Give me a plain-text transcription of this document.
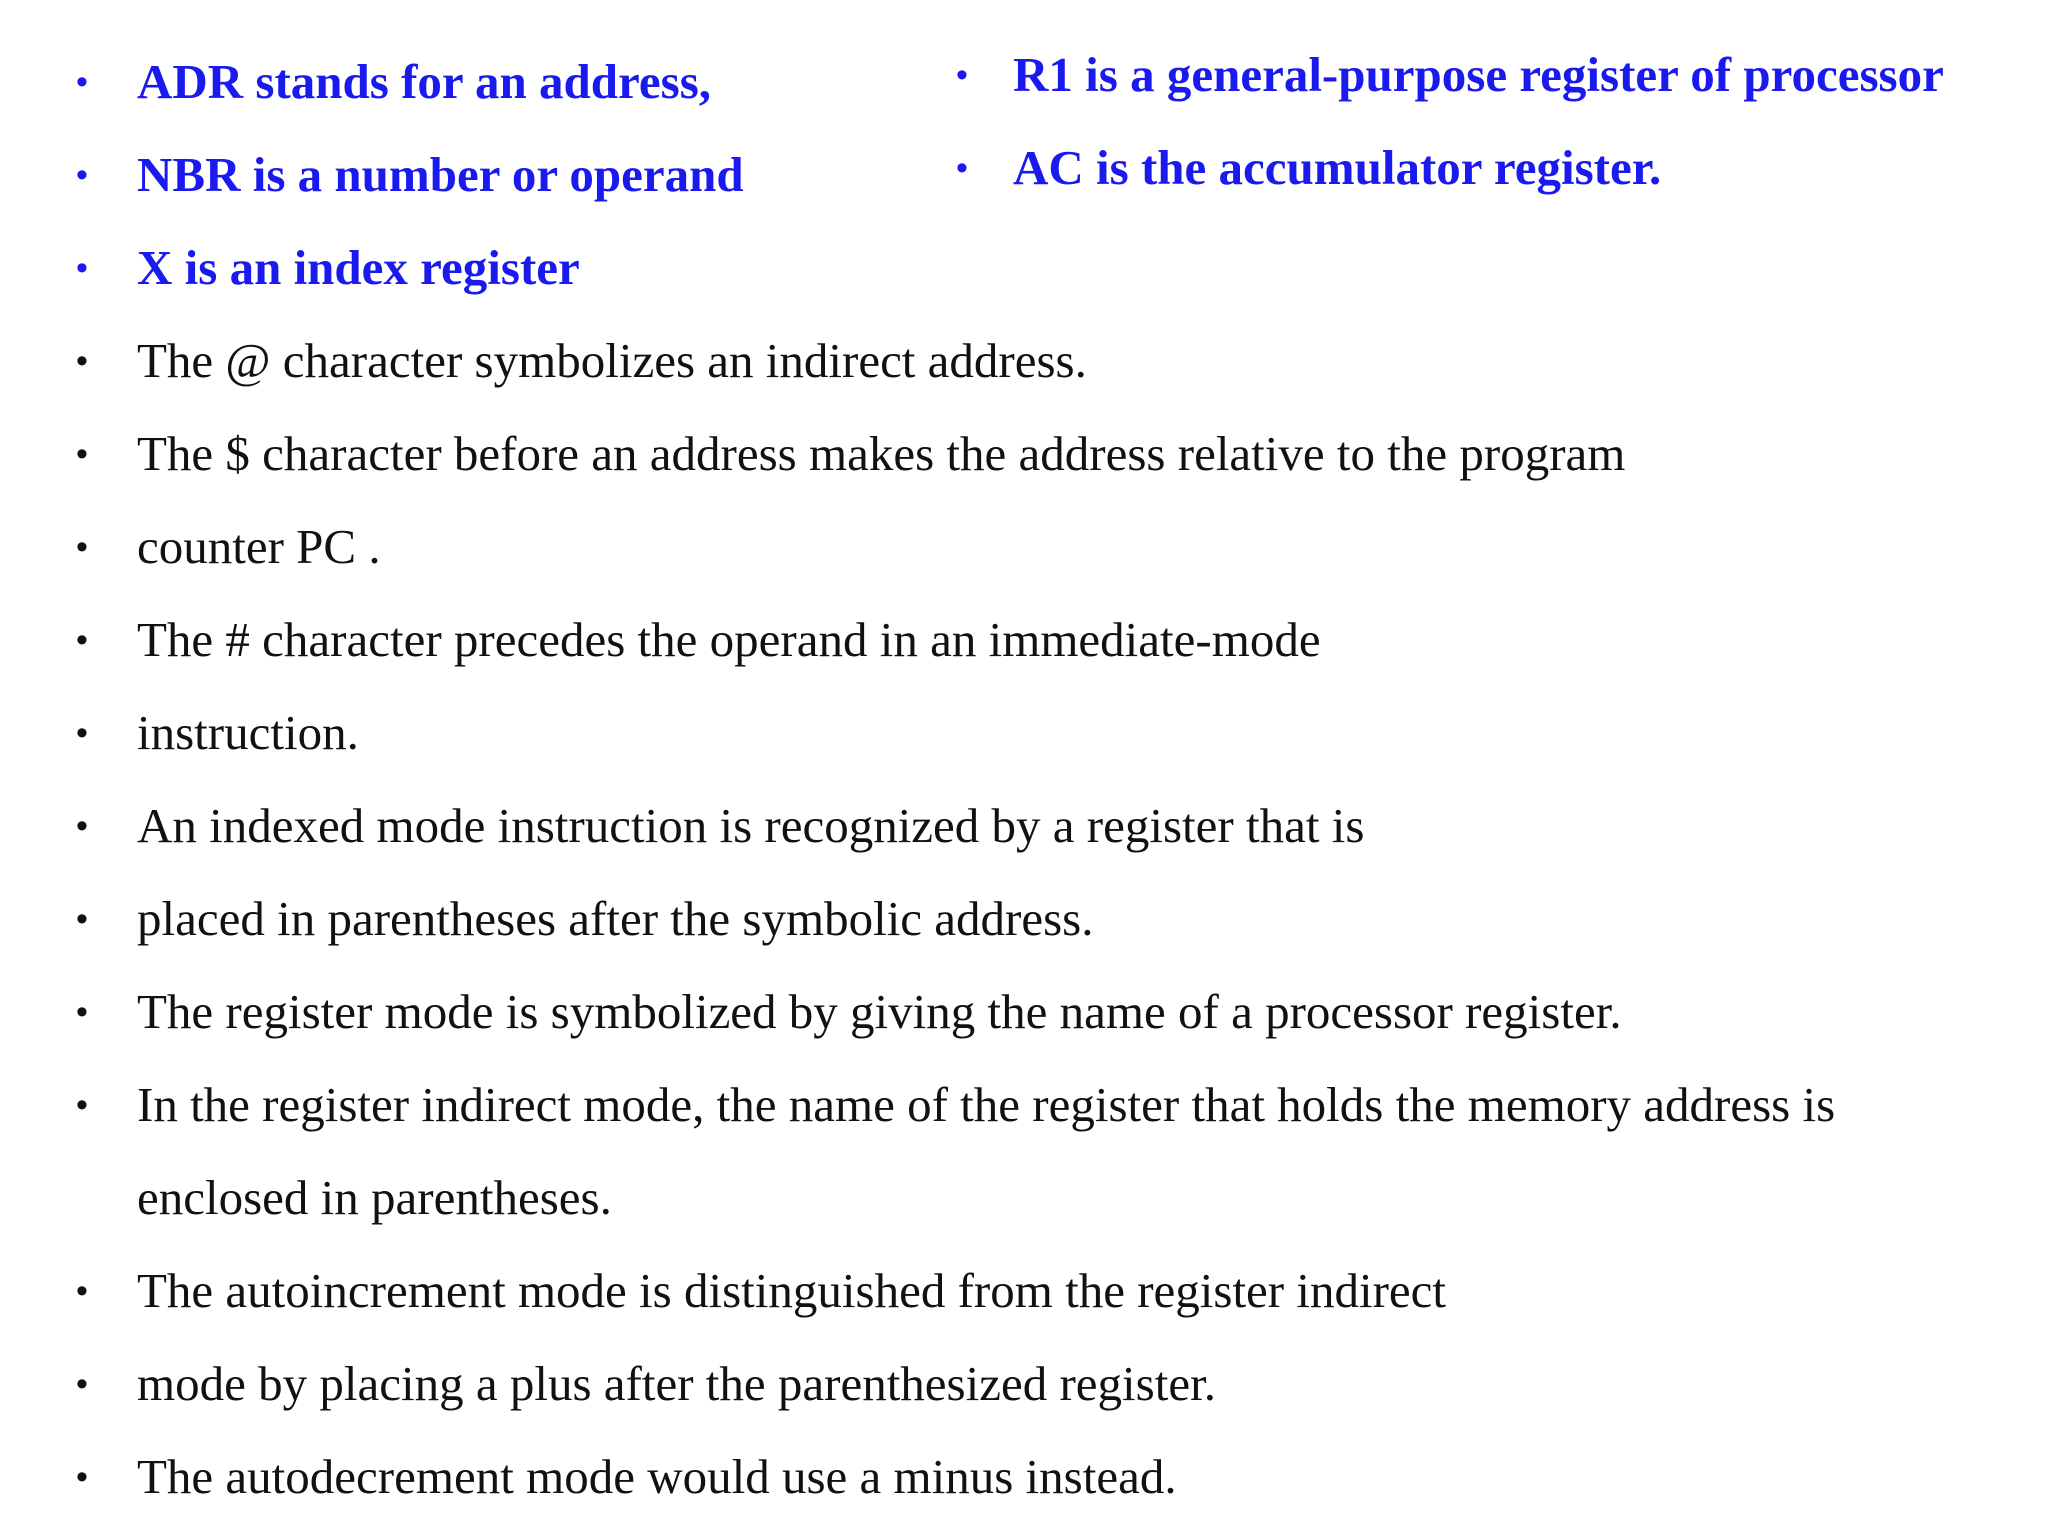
• ADR stands for an address,
• NBR is a number or operand
• X is an index register
• R1 is a general-purpose register of processor
• AC is the accumulator register.
• The @ character symbolizes an indirect address.
• The $ character before an address makes the address relative to the program
• counter PC .
• The # character precedes the operand in an immediate-mode
• instruction.
• An indexed mode instruction is recognized by a register that is
• placed in parentheses after the symbolic address.
• The register mode is symbolized by giving the name of a processor register.
• In the register indirect mode, the name of the register that holds the memory address is
enclosed in parentheses.
• The autoincrement mode is distinguished from the register indirect
• mode by placing a plus after the parenthesized register.
• The autodecrement mode would use a minus instead.
